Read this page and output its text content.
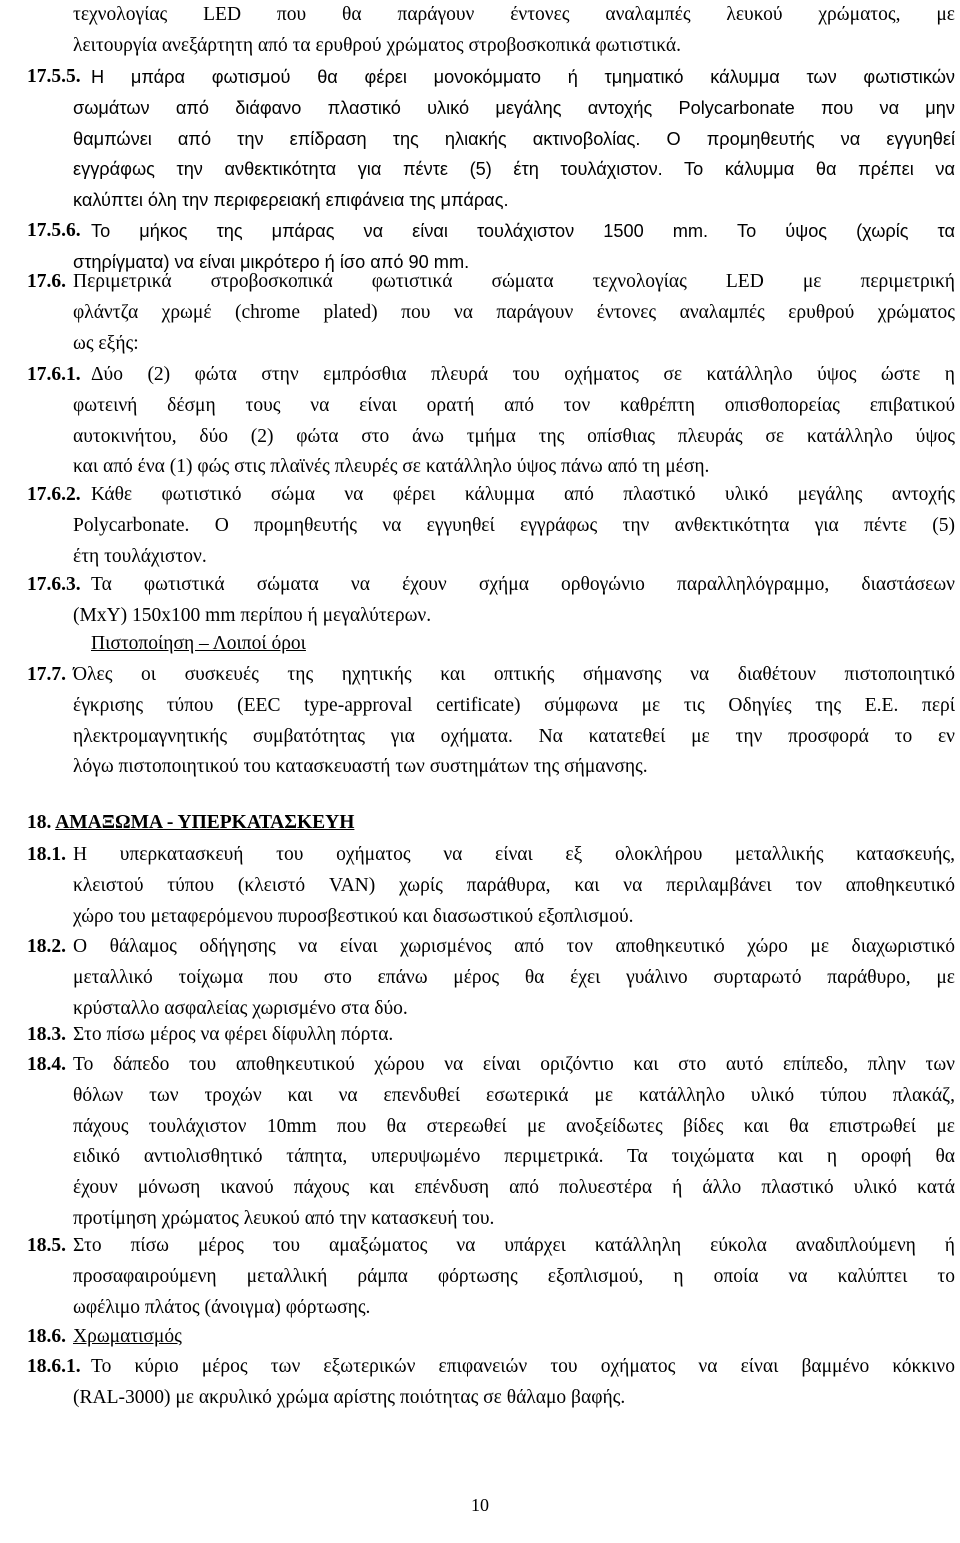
τεχνολογίας LED που θα παράγουν έντονες αναλαμπές λευκού χρώματος, με
λειτουργία ανεξάρτητη από τα ερυθρού χρώματος στροβοσκοπικά φωτιστικά.
17.5.5. Η μπάρα φωτισμού θα φέρει μονοκόμματο ή τμηματικό κάλυμμα των φωτιστικών
σωμάτων από διάφανο πλαστικό υλικό μεγάλης αντοχής Polycarbonate που να μην
θαμπώνει από την επίδραση της ηλιακής ακτινοβολίας. Ο προμηθευτής να εγγυηθεί
εγγράφως την ανθεκτικότητα για πέντε (5) έτη τουλάχιστον. Το κάλυμμα θα πρέπει να
καλύπτει όλη την περιφερειακή επιφάνεια της μπάρας.
17.5.6. Το μήκος της μπάρας να είναι τουλάχιστον 1500 mm. Το ύψος (χωρίς τα
στηρίγματα) να είναι μικρότερο ή ίσο από 90 mm.
17.6. Περιμετρικά στροβοσκοπικά φωτιστικά σώματα τεχνολογίας LED με περιμετρική
φλάντζα χρωμέ (chrome plated) που να παράγουν έντονες αναλαμπές ερυθρού χρώματος
ως εξής:
17.6.1. Δύο (2) φώτα στην εμπρόσθια πλευρά του οχήματος σε κατάλληλο ύψος ώστε η
φωτεινή δέσμη τους να είναι ορατή από τον καθρέπτη οπισθοπορείας επιβατικού
αυτοκινήτου, δύο (2) φώτα στο άνω τμήμα της οπίσθιας πλευράς σε κατάλληλο ύψος
και από ένα (1) φώς στις πλαϊνές πλευρές σε κατάλληλο ύψος πάνω από τη μέση.
17.6.2. Κάθε φωτιστικό σώμα να φέρει κάλυμμα από πλαστικό υλικό μεγάλης αντοχής
Polycarbonate. Ο προμηθευτής να εγγυηθεί εγγράφως την ανθεκτικότητα για πέντε (5)
έτη τουλάχιστον.
17.6.3. Τα φωτιστικά σώματα να έχουν σχήμα ορθογώνιο παραλληλόγραμμο, διαστάσεων
(ΜxΥ) 150x100 mm περίπου ή μεγαλύτερων.
Πιστοποίηση – Λοιποί όροι
17.7. Όλες οι συσκευές της ηχητικής και οπτικής σήμανσης να διαθέτουν πιστοποιητικό
έγκρισης τύπου (EEC type-approval certificate) σύμφωνα με τις Οδηγίες της Ε.Ε. περί
ηλεκτρομαγνητικής συμβατότητας για οχήματα. Να κατατεθεί με την προσφορά το εν
λόγω πιστοποιητικού του κατασκευαστή των συστημάτων της σήμανσης.
18. ΑΜΑΞΩΜΑ - ΥΠΕΡΚΑΤΑΣΚΕΥΗ
18.1. Η υπερκατασκευή του οχήματος να είναι εξ ολοκλήρου μεταλλικής κατασκευής,
κλειστού τύπου (κλειστό VAN) χωρίς παράθυρα, και να περιλαμβάνει τον αποθηκευτικό
χώρο του μεταφερόμενου πυροσβεστικού και διασωστικού εξοπλισμού.
18.2. Ο θάλαμος οδήγησης να είναι χωρισμένος από τον αποθηκευτικό χώρο με διαχωριστικό
μεταλλικό τοίχωμα που στο επάνω μέρος θα έχει γυάλινο συρταρωτό παράθυρο, με
κρύσταλλο ασφαλείας χωρισμένο στα δύο.
18.3. Στο πίσω μέρος να φέρει δίφυλλη πόρτα.
18.4. Το δάπεδο του αποθηκευτικού χώρου να είναι οριζόντιο και στο αυτό επίπεδο, πλην των
θόλων των τροχών και να επενδυθεί εσωτερικά με κατάλληλο υλικό τύπου πλακάζ,
πάχους τουλάχιστον 10mm που θα στερεωθεί με ανοξείδωτες βίδες και θα επιστρωθεί με
ειδικό αντιολισθητικό τάπητα, υπερυψωμένο περιμετρικά. Τα τοιχώματα και η οροφή θα
έχουν μόνωση ικανού πάχους και επένδυση από πολυεστέρα ή άλλο πλαστικό υλικό κατά
προτίμηση χρώματος λευκού από την κατασκευή του.
18.5. Στο πίσω μέρος του αμαξώματος να υπάρχει κατάλληλη εύκολα αναδιπλούμενη ή
προσαφαιρούμενη μεταλλική ράμπα φόρτωσης εξοπλισμού, η οποία να καλύπτει το
ωφέλιμο πλάτος (άνοιγμα) φόρτωσης.
18.6. Χρωματισμός
18.6.1. Το κύριο μέρος των εξωτερικών επιφανειών του οχήματος να είναι βαμμένο κόκκινο
(RAL-3000) με ακρυλικό χρώμα αρίστης ποιότητας σε θάλαμο βαφής.
10
